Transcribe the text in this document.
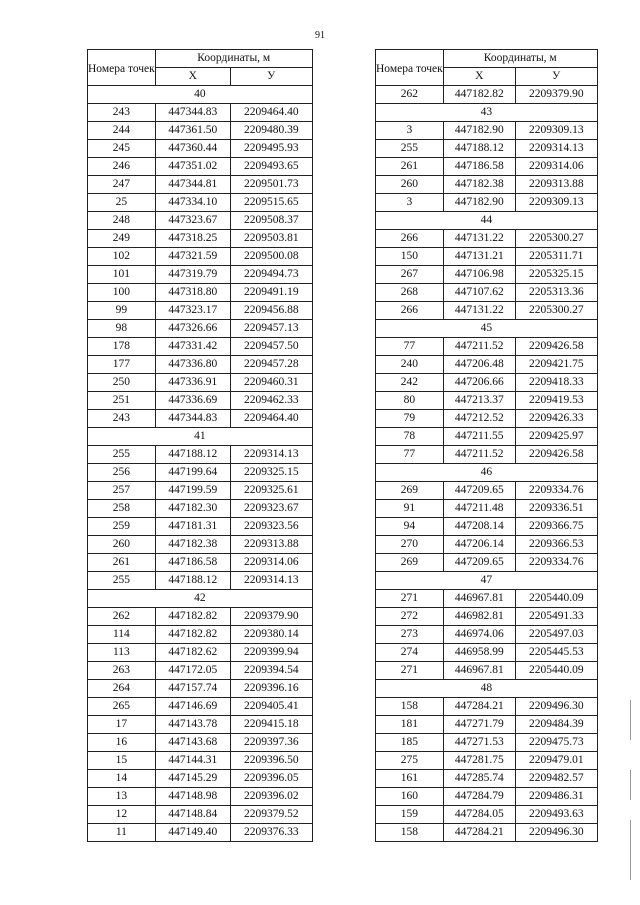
91
Номера точек	Координаты, м	
	X	У
40		
243	447344.83	2209464.40
244	447361.50	2209480.39
245	447360.44	2209495.93
246	447351.02	2209493.65
247	447344.81	2209501.73
25	447334.10	2209515.65
248	447323.67	2209508.37
249	447318.25	2209503.81
102	447321.59	2209500.08
101	447319.79	2209494.73
100	447318.80	2209491.19
99	447323.17	2209456.88
98	447326.66	2209457.13
178	447331.42	2209457.50
177	447336.80	2209457.28
250	447336.91	2209460.31
251	447336.69	2209462.33
243	447344.83	2209464.40
41		
255	447188.12	2209314.13
256	447199.64	2209325.15
257	447199.59	2209325.61
258	447182.30	2209323.67
259	447181.31	2209323.56
260	447182.38	2209313.88
261	447186.58	2209314.06
255	447188.12	2209314.13
42		
262	447182.82	2209379.90
114	447182.82	2209380.14
113	447182.62	2209399.94
263	447172.05	2209394.54
264	447157.74	2209396.16
265	447146.69	2209405.41
17	447143.78	2209415.18
16	447143.68	2209397.36
15	447144.31	2209396.50
14	447145.29	2209396.05
13	447148.98	2209396.02
12	447148.84	2209379.52
11	447149.40	2209376.33
Номера точек	Координаты, м	
	X	У
262	447182.82	2209379.90
43		
3	447182.90	2209309.13
255	447188.12	2209314.13
261	447186.58	2209314.06
260	447182.38	2209313.88
3	447182.90	2209309.13
44		
266	447131.22	2205300.27
150	447131.21	2205311.71
267	447106.98	2205325.15
268	447107.62	2205313.36
266	447131.22	2205300.27
45		
77	447211.52	2209426.58
240	447206.48	2209421.75
242	447206.66	2209418.33
80	447213.37	2209419.53
79	447212.52	2209426.33
78	447211.55	2209425.97
77	447211.52	2209426.58
46		
269	447209.65	2209334.76
91	447211.48	2209336.51
94	447208.14	2209366.75
270	447206.14	2209366.53
269	447209.65	2209334.76
47		
271	446967.81	2205440.09
272	446982.81	2205491.33
273	446974.06	2205497.03
274	446958.99	2205445.53
271	446967.81	2205440.09
48		
158	447284.21	2209496.30
181	447271.79	2209484.39
185	447271.53	2209475.73
275	447281.75	2209479.01
161	447285.74	2209482.57
160	447284.79	2209486.31
159	447284.05	2209493.63
158	447284.21	2209496.30
